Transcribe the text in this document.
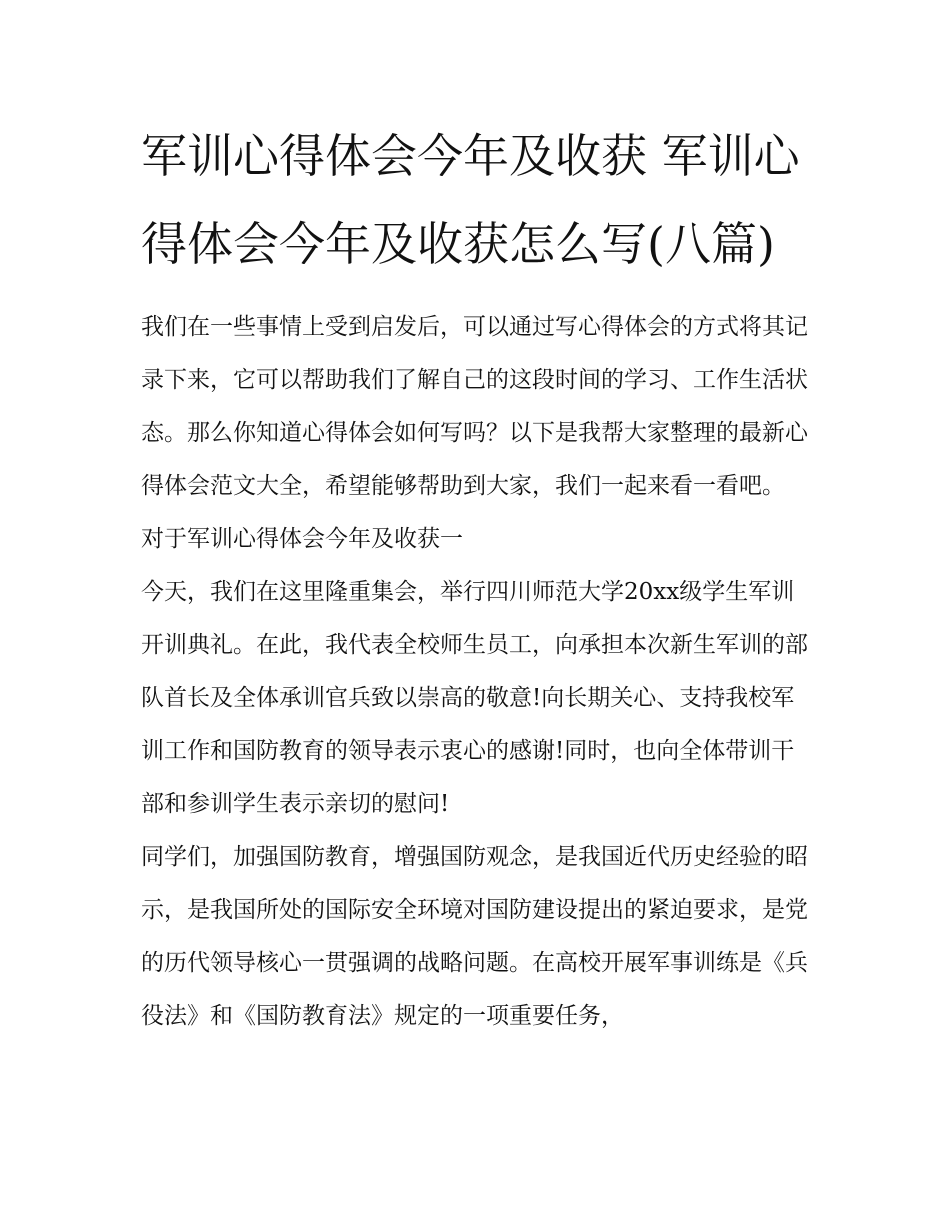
军训心得体会今年及收获 军训心得体会今年及收获怎么写(八篇)

我们在一些事情上受到启发后，可以通过写心得体会的方式将其记录下来，它可以帮助我们了解自己的这段时间的学习、工作生活状态。那么你知道心得体会如何写吗？以下是我帮大家整理的最新心得体会范文大全，希望能够帮助到大家，我们一起来看一看吧。

对于军训心得体会今年及收获一

今天，我们在这里隆重集会，举行四川师范大学20xx级学生军训开训典礼。在此，我代表全校师生员工，向承担本次新生军训的部队首长及全体承训官兵致以崇高的敬意!向长期关心、支持我校军训工作和国防教育的领导表示衷心的感谢!同时，也向全体带训干部和参训学生表示亲切的慰问!

同学们，加强国防教育，增强国防观念，是我国近代历史经验的昭示，是我国所处的国际安全环境对国防建设提出的紧迫要求，是党的历代领导核心一贯强调的战略问题。在高校开展军事训练是《兵役法》和《国防教育法》规定的一项重要任务，
